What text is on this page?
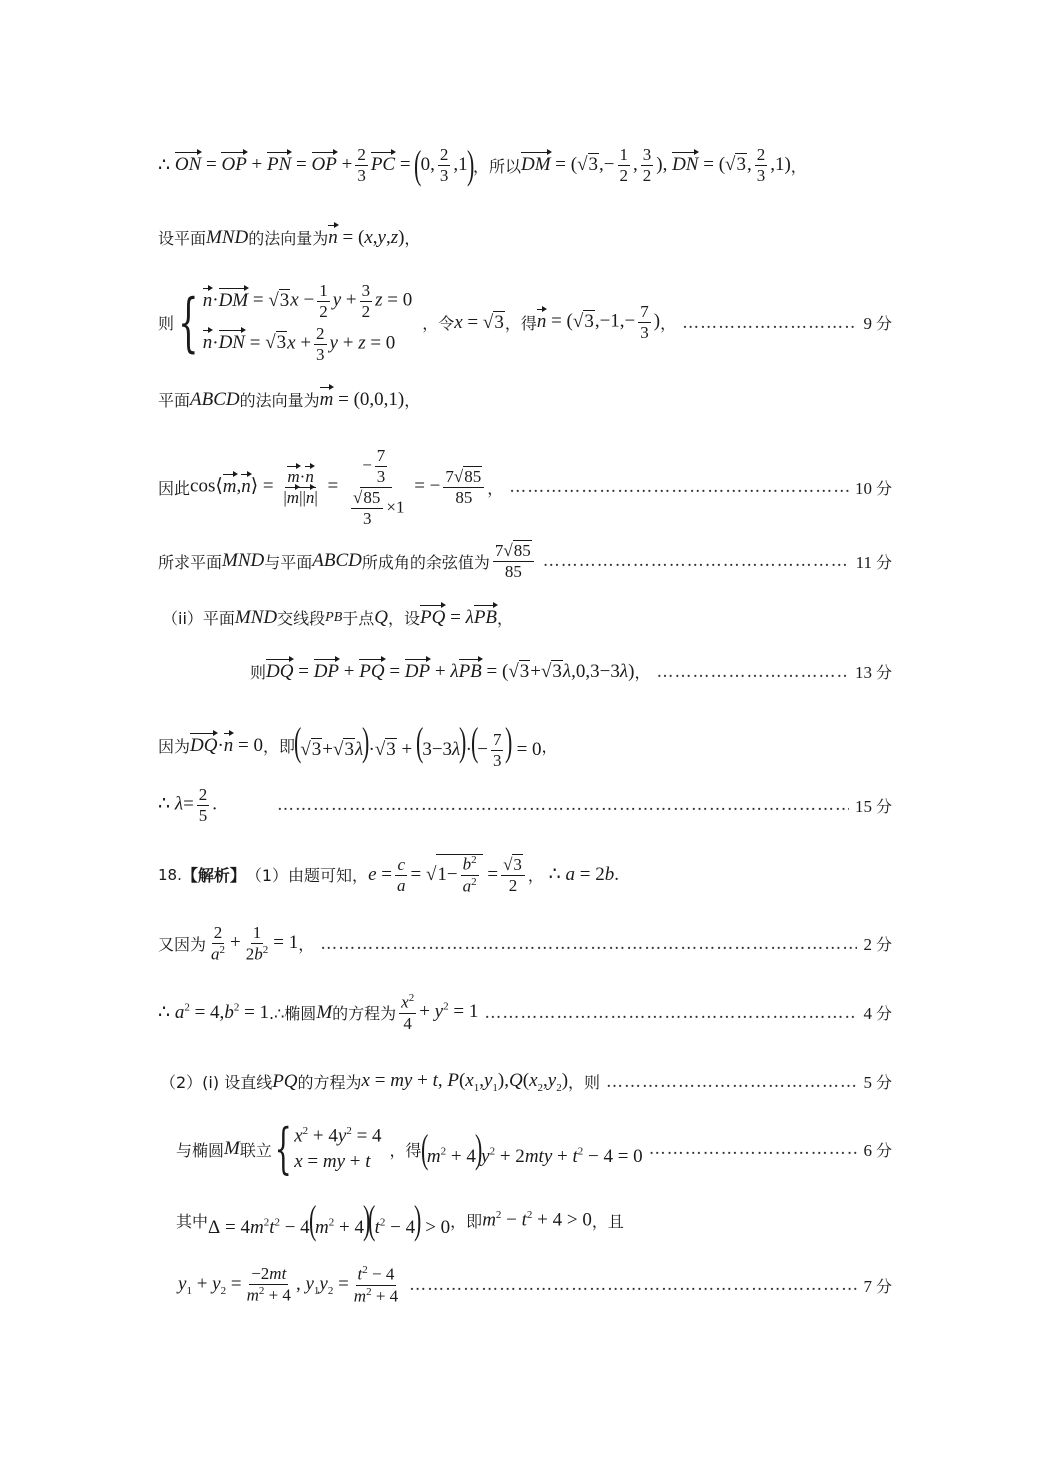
∴
ON = OP + PN = OP + $\frac{2}{3}$ PC =
(
0, $\frac{2}{3} ,1$
)
，所以 DM = ( √3 ,− $\frac{1}{2}$ , $\frac{3}{2}$ ), DN = ( √3 , $\frac{2}{3} ,1$) ，
设平面 MND 的法向量为 n = (x,y,z) ，
则 { $n\cdot DM = √3x - \frac{1}{2}$ $y + \frac{3}{2}$ z = 0
$n\cdot DN = √3x + \frac{2}{3}$ y + z = 0
，令 x = √3 ，得 $n = (√3,-1,- \frac{7}{3}$ ) ， ……………………………………………………………………………………………………………………………………………	9 分
平面 ABCD 的法向量为 m = (0,0,1) ，
因此 cos⟨m,n⟩ = $\frac{m\cdot n}{|m||n|} = \frac{- \frac{7}{3}}{\frac{√85}{3} \times 1}$ = − $\frac{7√85}{85}$ ， ……………………………………………………………………………………………………………………………………………	10 分
所求平面 MND 与平面 ABCD 所成角的余弦值为 $\frac{7√85}{85}$ ……………………………………………………………………………………………………………………………………………	11 分
（ii）平面 MND 交线段 PB 于点 Q ，设 PQ = λPB ，
则 DQ = DP + PQ = DP + λPB = (√3+√3λ,0,3−3λ) ， ……………………………………………………………………………………………………………………………………………	13 分
因为 DQ·n = 0 ，即
$(√3+√3\lambda)\cdot√3 + (3-3\lambda)\cdot(- \frac{7}{3}$ ) = 0 ，
∴ $\lambda= \frac{2}{5}$ . ……………………………………………………………………………………………………………………………………………	15 分
18. 【解析】 （1）由题可知， $e = \frac{c}{a} = √1- \frac{b^2}{a^2} = \frac{√3}{2}$ ， ∴ a = 2b.
又因为 $\frac{2}{a^2} + \frac{1}{2b^2} = 1$ ， ……………………………………………………………………………………………………………………………………………	2 分
∴ $a^2 = 4,b^2 = 1$ .∴椭圆 M 的方程为 $\frac{x^2}{4} + y^2 = 1$ ……………………………………………………………………………………………………………………………………………	4 分
（2）(i) 设直线 PQ 的方程为 x = my + t, $P(x_1,y_1),Q(x_2,y_2)$ ，则 ……………………………………………………………………………………………………………………………………………	5 分
与椭圆 M 联立 { $x^2 + 4y^2 = 4$
x = my + t
，得
$(m^2 + 4)y^2 + 2mty + t^2 - 4 = 0$ ……………………………………………………………………………………………………………………………………………	6 分
其中 $\Delta = 4m^2t^2 - 4(m^2 + 4)(t^2 - 4) > 0$ ，即 $m^2 - t^2 + 4 > 0$ ，且
$y_1 + y_2 = \frac{-2mt}{m^2 + 4}$ , $y_1y_2 = \frac{t^2 - 4}{m^2 + 4}$ ……………………………………………………………………………………………………………………………………………	7 分
